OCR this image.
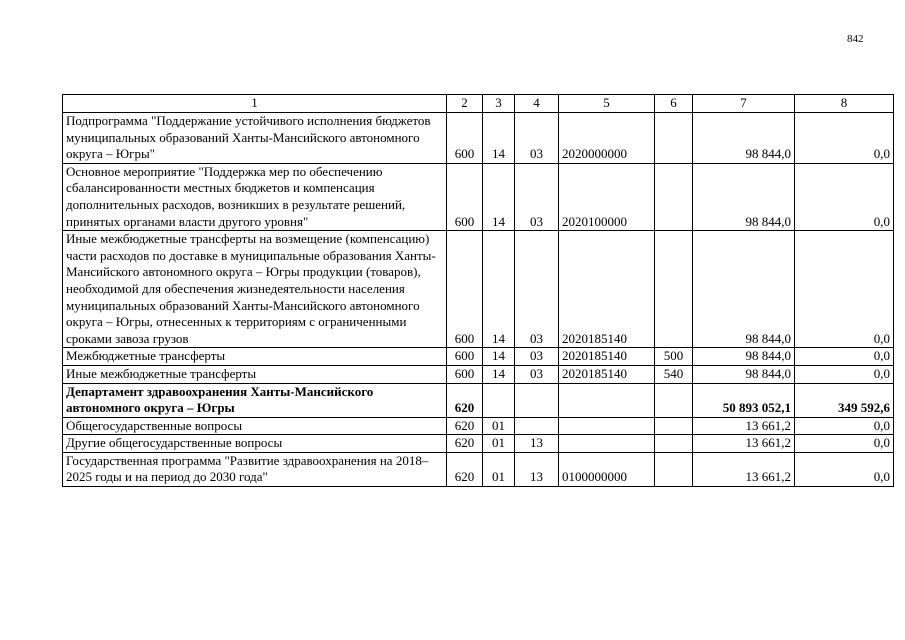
842
1	2	3	4	5	6	7	8
Подпрограмма "Поддержание устойчивого исполнения бюджетов муниципальных образований Ханты-Мансийского автономного округа – Югры"	600	14	03	2020000000		98 844,0	0,0
Основное мероприятие "Поддержка мер по обеспечению сбалансированности местных бюджетов и компенсация дополнительных расходов, возникших в результате решений, принятых органами власти другого уровня"	600	14	03	2020100000		98 844,0	0,0
Иные межбюджетные трансферты на возмещение (компенсацию) части расходов по доставке в муниципальные образования Ханты-Мансийского автономного округа – Югры продукции (товаров), необходимой для обеспечения жизнедеятельности населения муниципальных образований Ханты-Мансийского автономного округа – Югры, отнесенных к территориям с ограниченными сроками завоза грузов	600	14	03	2020185140		98 844,0	0,0
Межбюджетные трансферты	600	14	03	2020185140	500	98 844,0	0,0
Иные межбюджетные трансферты	600	14	03	2020185140	540	98 844,0	0,0
Департамент здравоохранения Ханты-Мансийского автономного округа – Югры	620					50 893 052,1	349 592,6
Общегосударственные вопросы	620	01				13 661,2	0,0
Другие общегосударственные вопросы	620	01	13			13 661,2	0,0
Государственная программа "Развитие здравоохранения на 2018–2025 годы и на период до 2030 года"	620	01	13	0100000000		13 661,2	0,0
